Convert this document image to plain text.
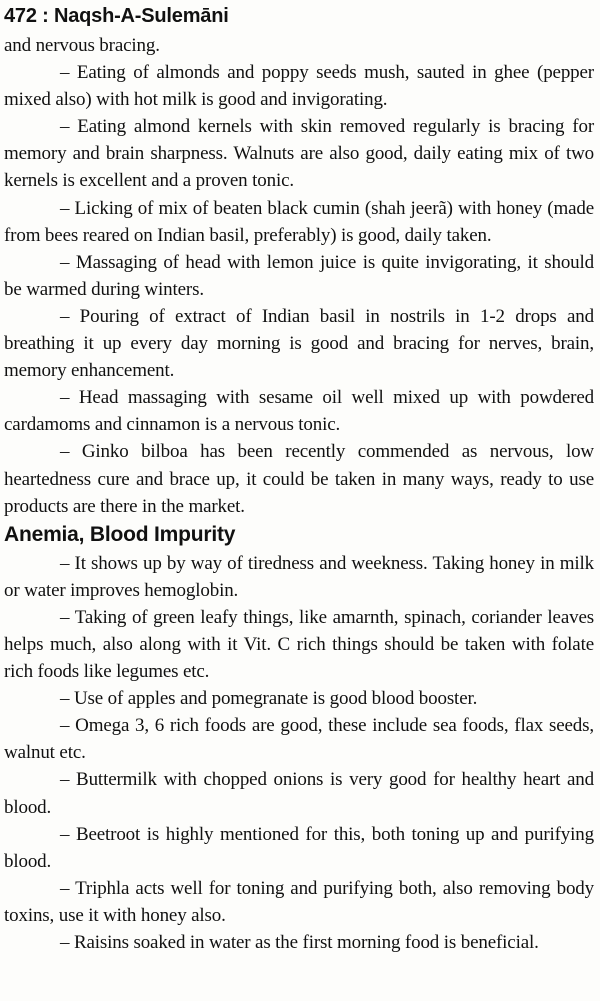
472 : Naqsh-A-Sulemāni

and nervous bracing.

– Eating of almonds and poppy seeds mush, sauted in ghee (pepper mixed also) with hot milk is good and invigorating.

– Eating almond kernels with skin removed regularly is bracing for memory and brain sharpness. Walnuts are also good, daily eating mix of two kernels is excellent and a proven tonic.

– Licking of mix of beaten black cumin (shah jeerã) with honey (made from bees reared on Indian basil, preferably) is good, daily taken.

– Massaging of head with lemon juice is quite invigorating, it should be warmed during winters.

– Pouring of extract of Indian basil in nostrils in 1-2 drops and breathing it up every day morning is good and bracing for nerves, brain, memory enhancement.

– Head massaging with sesame oil well mixed up with powdered cardamoms and cinnamon is a nervous tonic.

– Ginko bilboa has been recently commended as nervous, low heartedness cure and brace up, it could be taken in many ways, ready to use products are there in the market.

Anemia, Blood Impurity

– It shows up by way of tiredness and weekness. Taking honey in milk or water improves hemoglobin.

– Taking of green leafy things, like amarnth, spinach, coriander leaves helps much, also along with it Vit. C rich things should be taken with folate rich foods like legumes etc.

– Use of apples and pomegranate is good blood booster.

– Omega 3, 6 rich foods are good, these include sea foods, flax seeds, walnut etc.

– Buttermilk with chopped onions is very good for healthy heart and blood.

– Beetroot is highly mentioned for this, both toning up and purifying blood.

– Triphla acts well for toning and purifying both, also removing body toxins, use it with honey also.

– Raisins soaked in water as the first morning food is beneficial.
